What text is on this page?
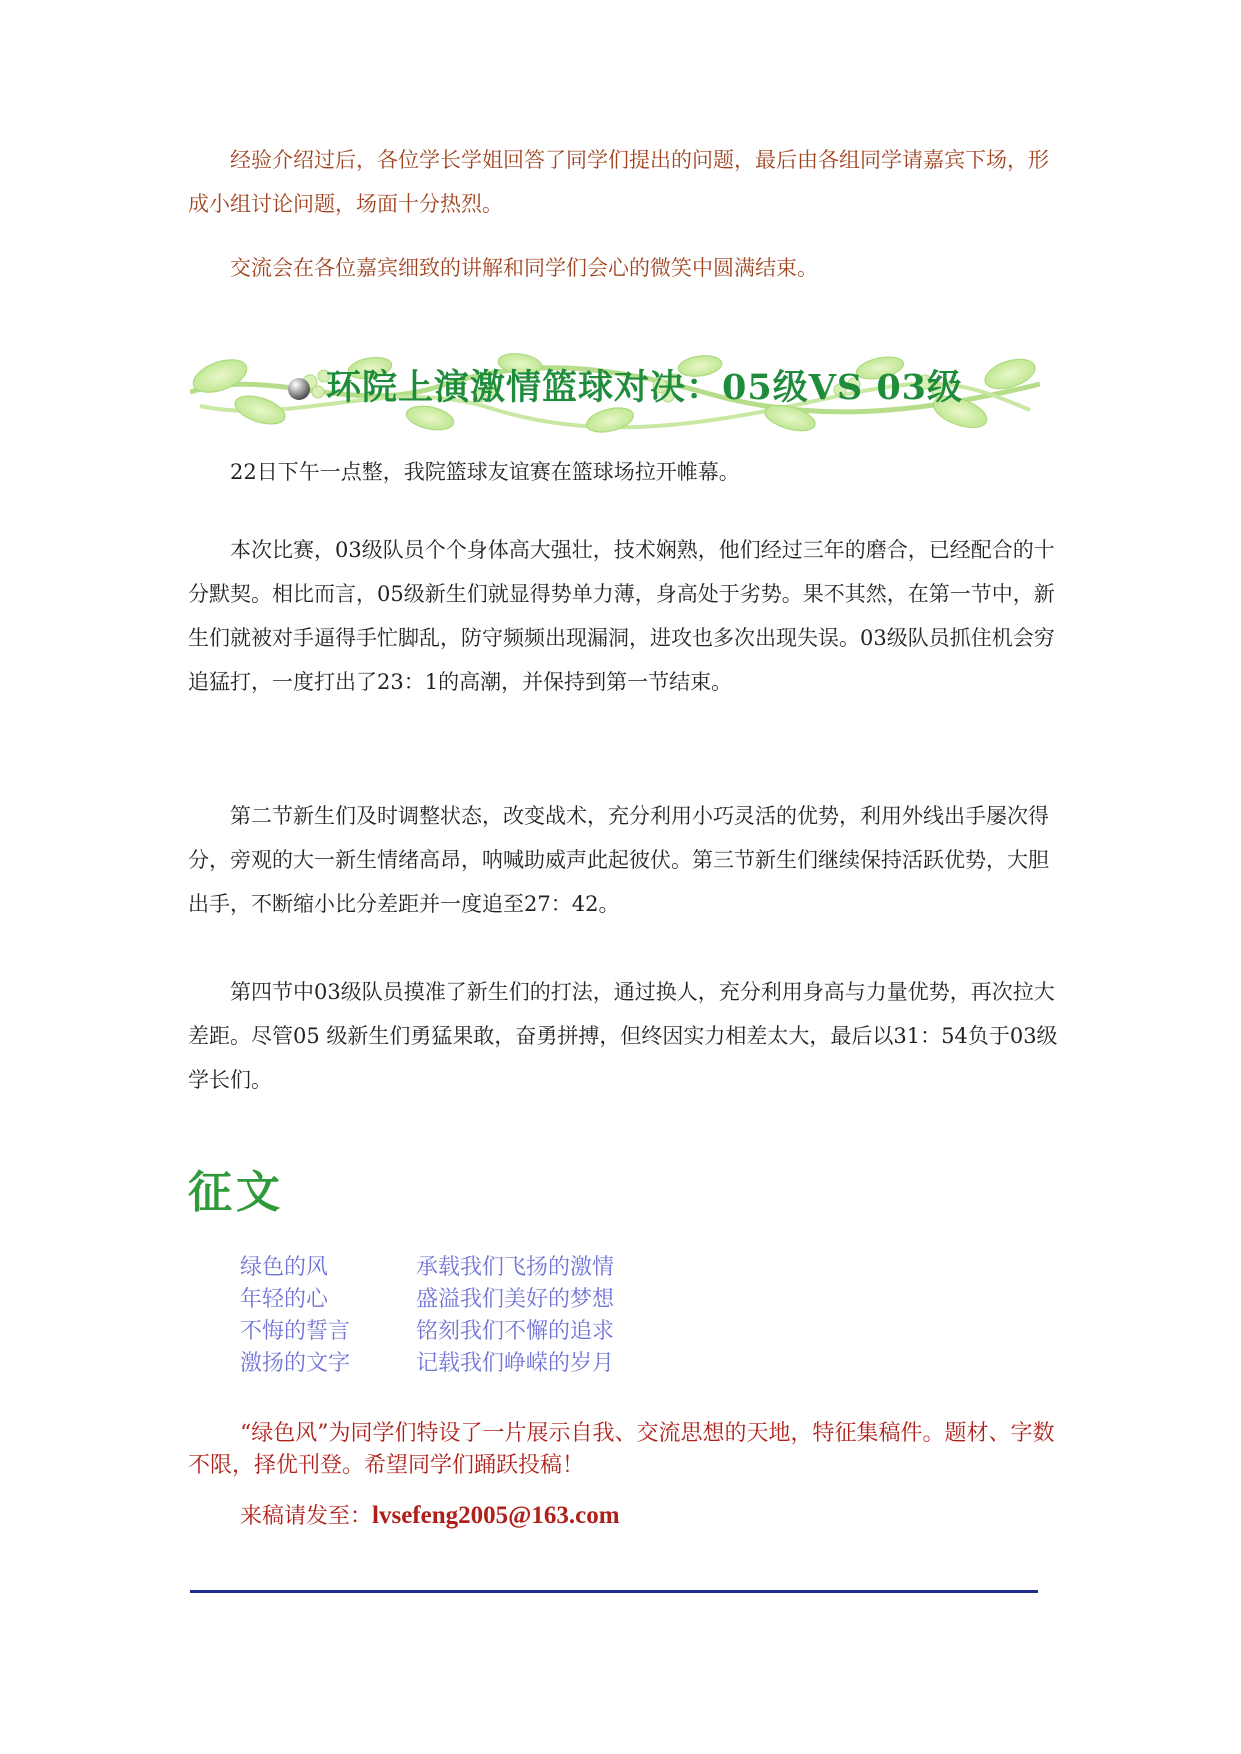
经验介绍过后，各位学长学姐回答了同学们提出的问题，最后由各组同学请嘉宾下场，形成小组讨论问题，场面十分热烈。

交流会在各位嘉宾细致的讲解和同学们会心的微笑中圆满结束。

环院上演激情篮球对决：05级VS 03级

22日下午一点整，我院篮球友谊赛在篮球场拉开帷幕。

本次比赛，03级队员个个身体高大强壮，技术娴熟，他们经过三年的磨合，已经配合的十分默契。相比而言，05级新生们就显得势单力薄，身高处于劣势。果不其然，在第一节中，新生们就被对手逼得手忙脚乱，防守频频出现漏洞，进攻也多次出现失误。03级队员抓住机会穷追猛打，一度打出了23：1的高潮，并保持到第一节结束。

第二节新生们及时调整状态，改变战术，充分利用小巧灵活的优势，利用外线出手屡次得分，旁观的大一新生情绪高昂，呐喊助威声此起彼伏。第三节新生们继续保持活跃优势，大胆出手，不断缩小比分差距并一度追至27：42。

第四节中03级队员摸准了新生们的打法，通过换人，充分利用身高与力量优势，再次拉大差距。尽管05 级新生们勇猛果敢，奋勇拼搏，但终因实力相差太大，最后以31：54负于03级学长们。

征文
绿色的风	承载我们飞扬的激情
年轻的心	盛溢我们美好的梦想
不悔的誓言	铭刻我们不懈的追求
激扬的文字	记载我们峥嵘的岁月

“绿色风”为同学们特设了一片展示自我、交流思想的天地，特征集稿件。题材、字数不限，择优刊登。希望同学们踊跃投稿！

来稿请发至：lvsefeng2005@163.com
